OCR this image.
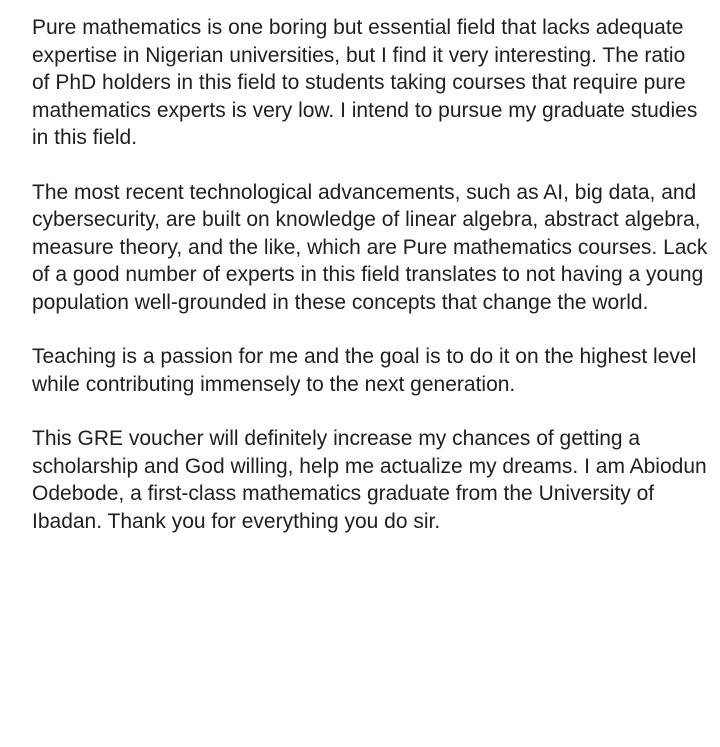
Pure mathematics is one boring but essential field that lacks adequate expertise in Nigerian universities, but I find it very interesting. The ratio of PhD holders in this field to students taking courses that require pure mathematics experts is very low. I intend to pursue my graduate studies in this field.

The most recent technological advancements, such as AI, big data, and cybersecurity, are built on knowledge of linear algebra, abstract algebra, measure theory, and the like, which are Pure mathematics courses. Lack of a good number of experts in this field translates to not having a young population well-grounded in these concepts that change the world.

Teaching is a passion for me and the goal is to do it on the highest level while contributing immensely to the next generation.

This GRE voucher will definitely increase my chances of getting a scholarship and God willing, help me actualize my dreams. I am Abiodun Odebode, a first-class mathematics graduate from the University of Ibadan. Thank you for everything you do sir.
